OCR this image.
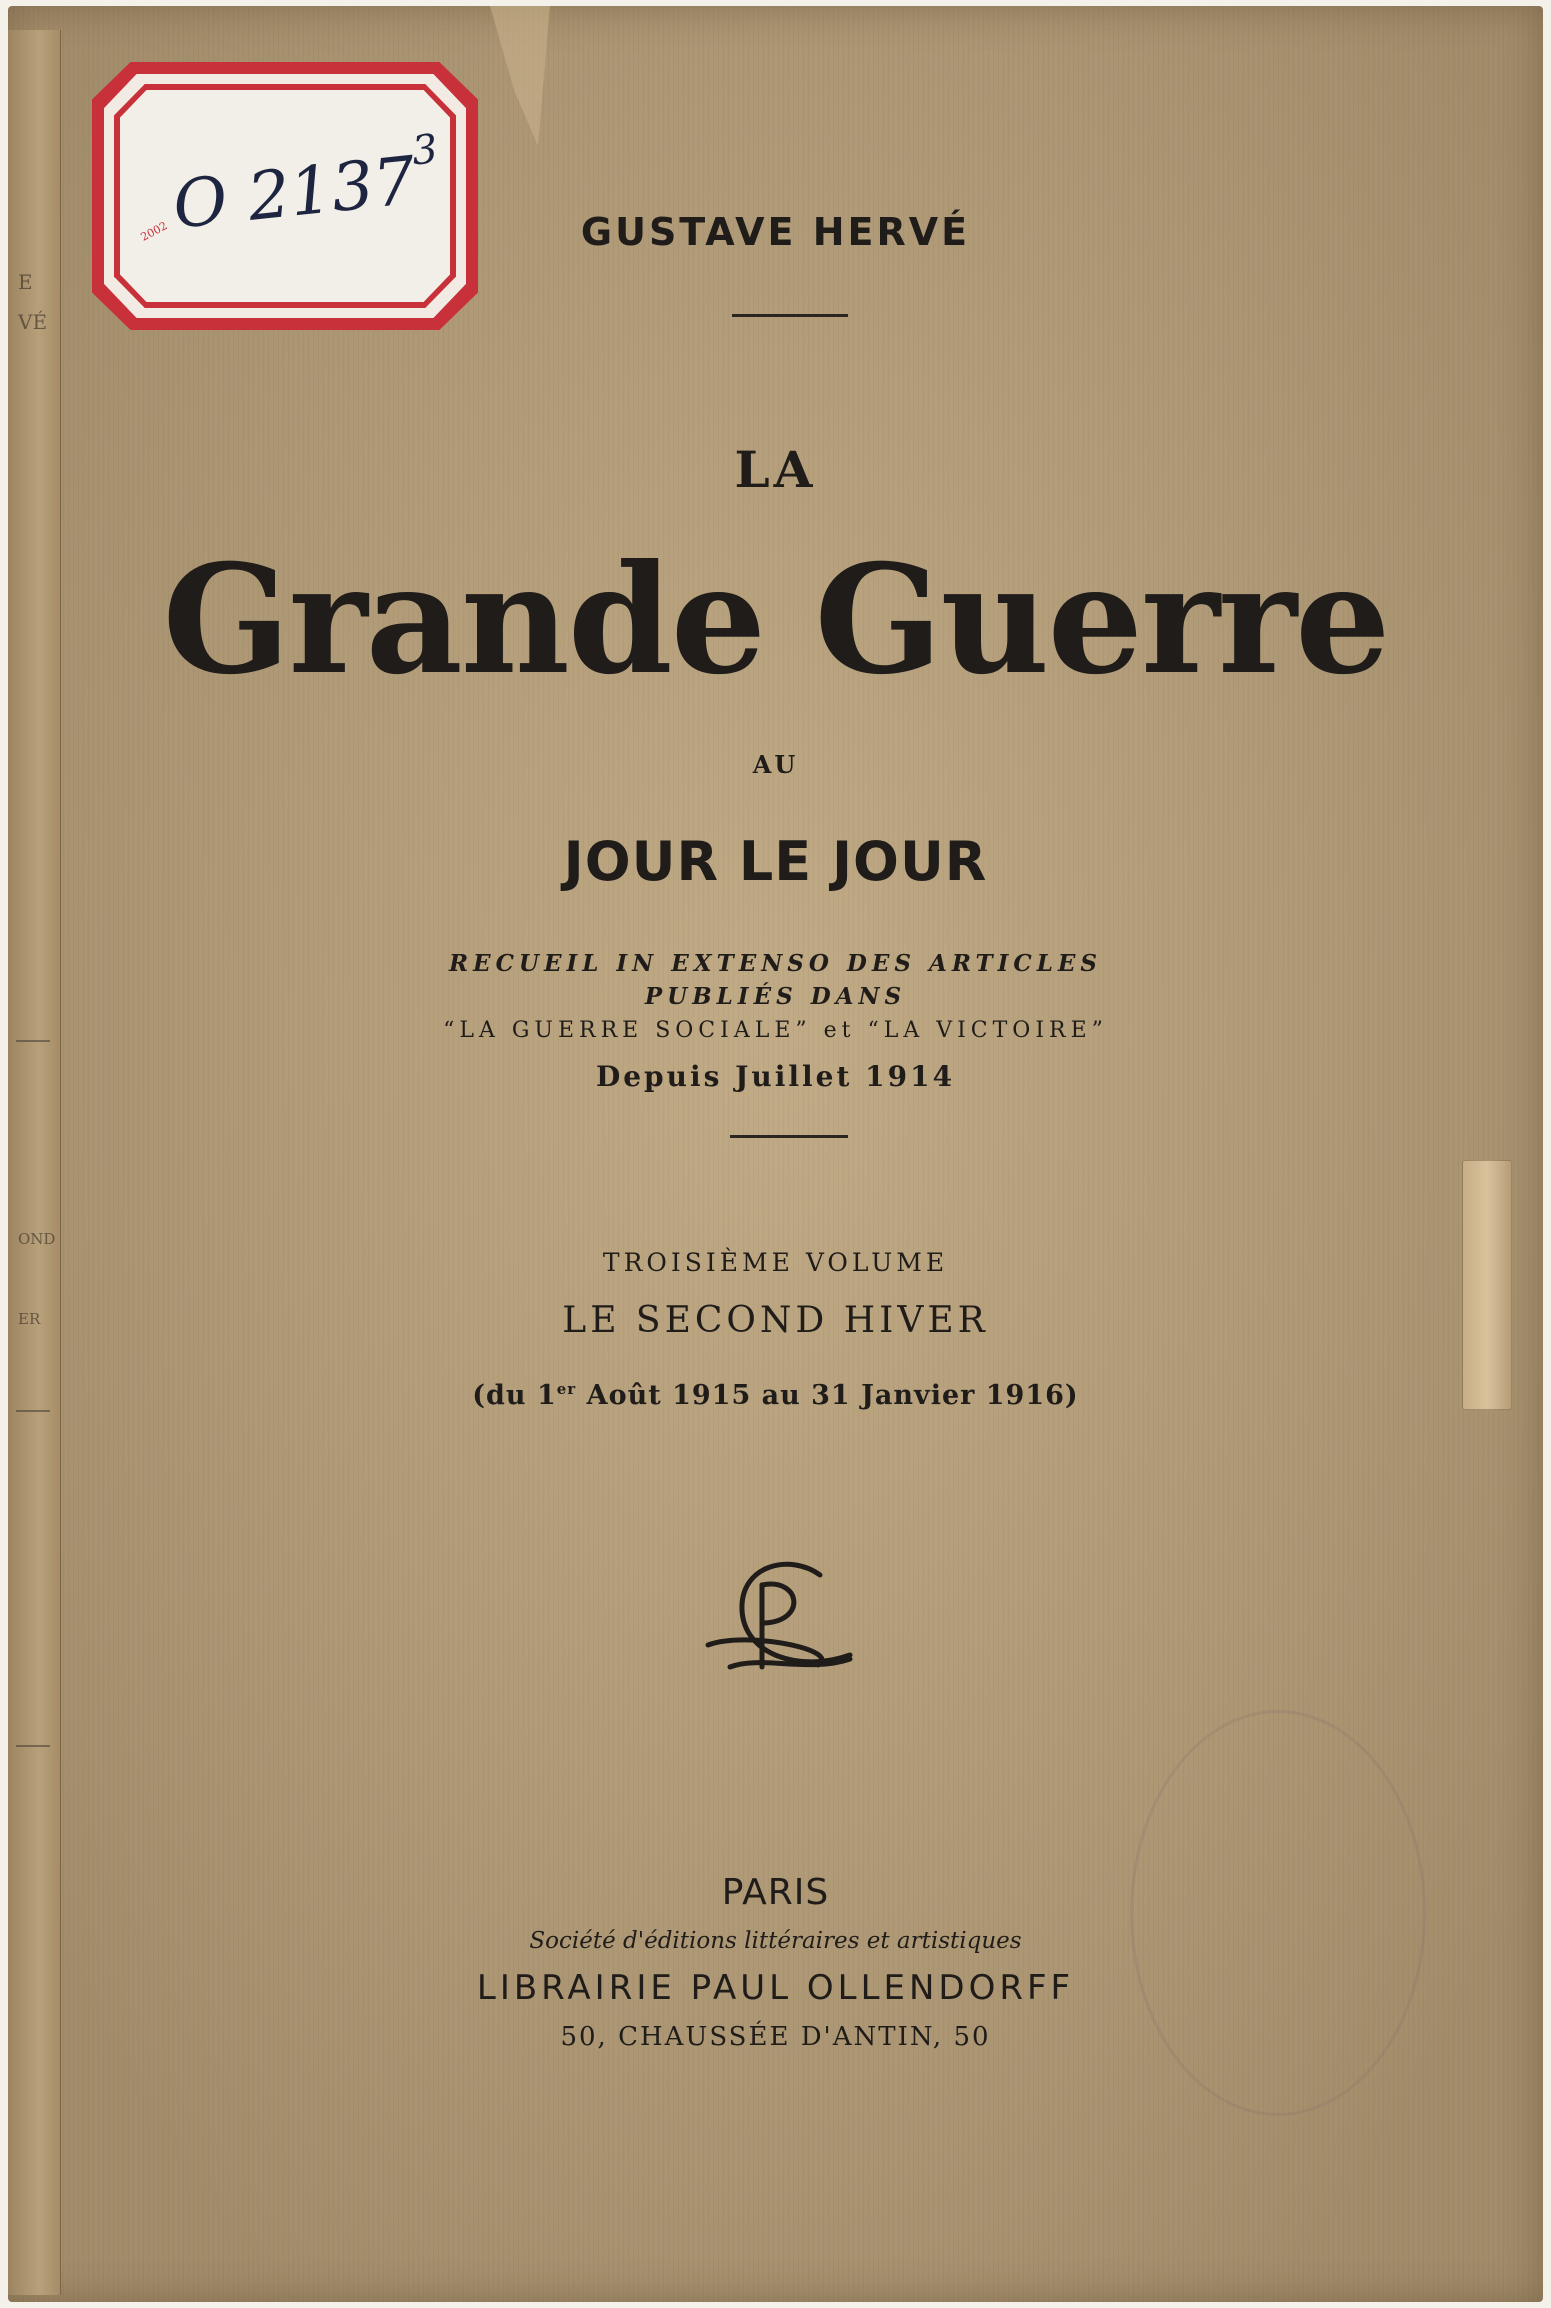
E
VÉ
OND
ER
O 2137$^3$
2002	GUSTAVE HERVÉ
LA
Grande Guerre
AU
JOUR LE JOUR
RECUEIL IN EXTENSO DES ARTICLES
PUBLIÉS DANS
“LA GUERRE SOCIALE” et “LA VICTOIRE”
Depuis Juillet 1914
TROISIÈME VOLUME
LE SECOND HIVER
(du 1er Août 1915 au 31 Janvier 1916)
PARIS
Société d'éditions littéraires et artistiques
LIBRAIRIE PAUL OLLENDORFF
50, CHAUSSÉE D'ANTIN, 50
